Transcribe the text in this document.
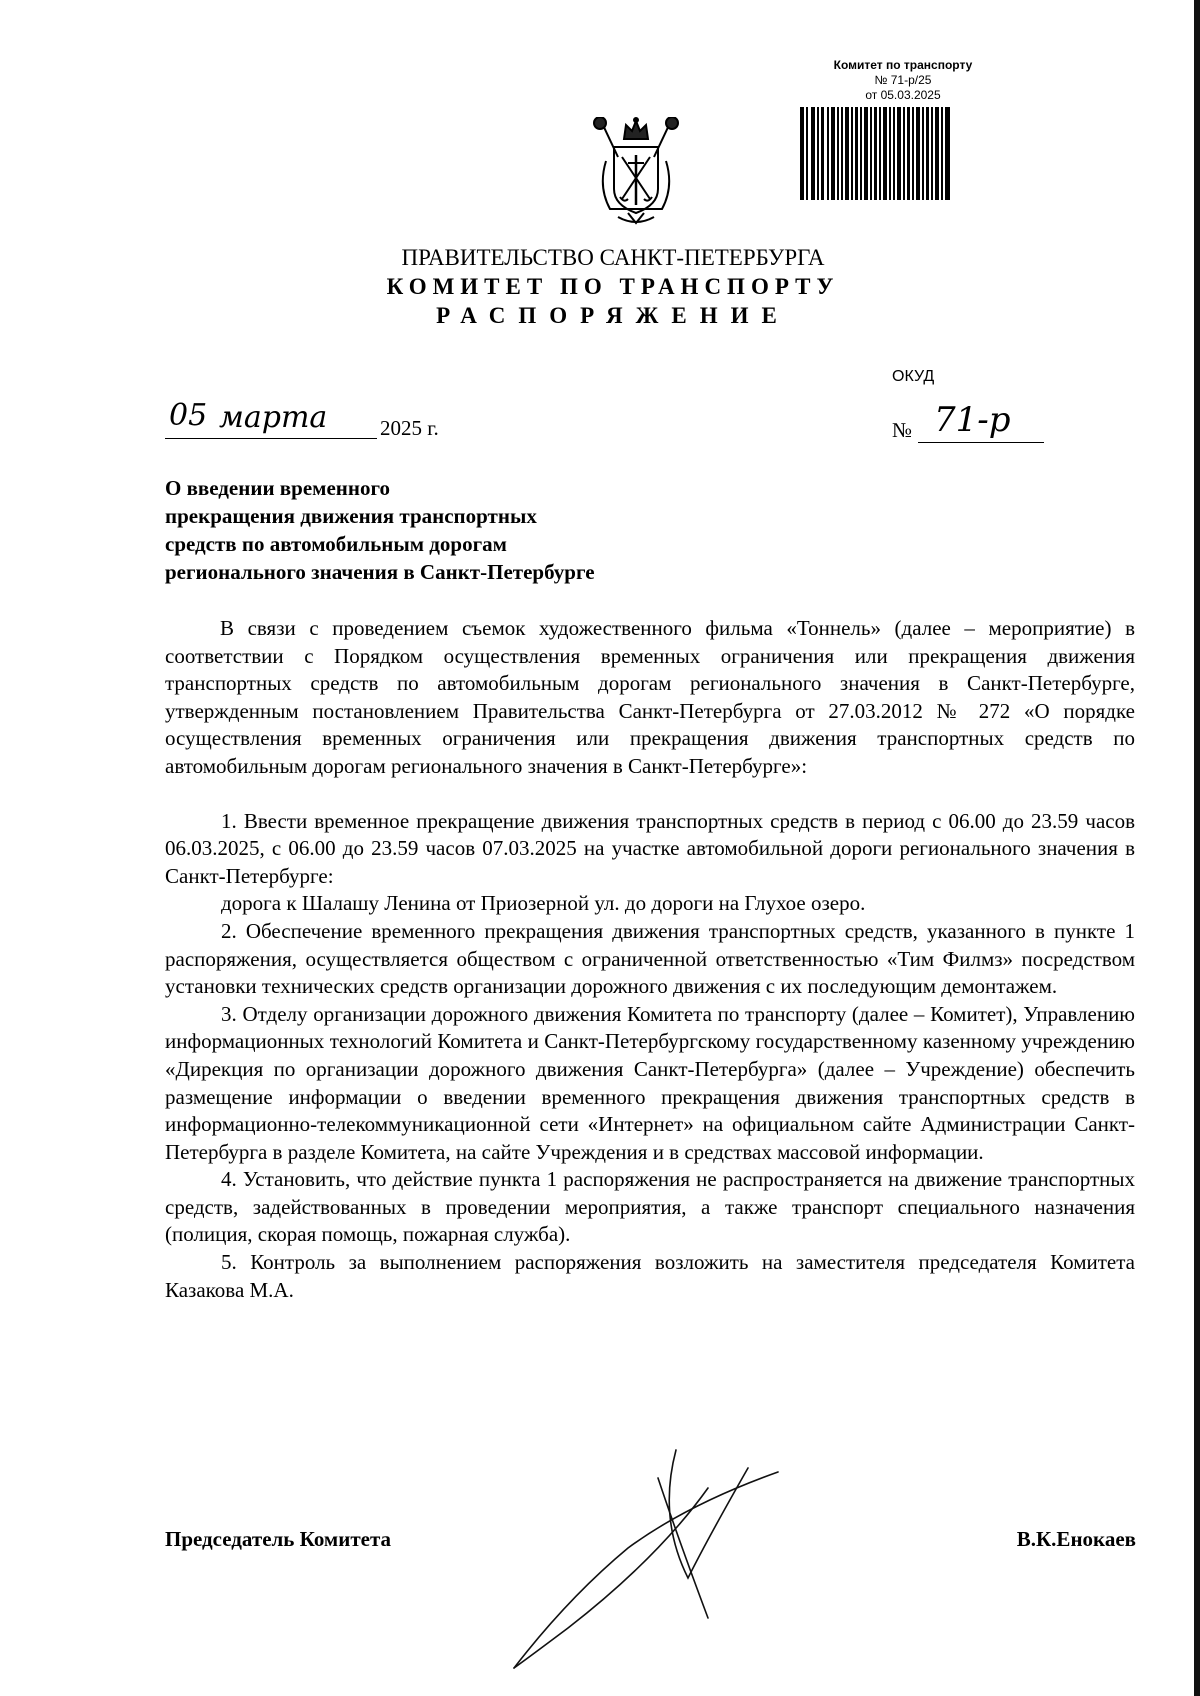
Комитет по транспорту
№ 71-р/25
от 05.03.2025
ПРАВИТЕЛЬСТВО САНКТ-ПЕТЕРБУРГА
КОМИТЕТ ПО ТРАНСПОРТУ
РАСПОРЯЖЕНИЕ
ОКУД
05 марта	2025 г.	№ 71-р
О введении временного
прекращения движения транспортных
средств по автомобильным дорогам
регионального значения в Санкт-Петербурге

В связи с проведением съемок художественного фильма «Тоннель» (далее – мероприятие) в соответствии с Порядком осуществления временных ограничения или прекращения движения транспортных средств по автомобильным дорогам регионального значения в Санкт-Петербурге, утвержденным постановлением Правительства Санкт-Петербурга от 27.03.2012 № 272 «О порядке осуществления временных ограничения или прекращения движения транспортных средств по автомобильным дорогам регионального значения в Санкт-Петербурге»:

1. Ввести временное прекращение движения транспортных средств в период с 06.00 до 23.59 часов 06.03.2025, с 06.00 до 23.59 часов 07.03.2025 на участке автомобильной дороги регионального значения в Санкт-Петербурге:

дорога к Шалашу Ленина от Приозерной ул. до дороги на Глухое озеро.

2. Обеспечение временного прекращения движения транспортных средств, указанного в пункте 1 распоряжения, осуществляется обществом с ограниченной ответственностью «Тим Филмз» посредством установки технических средств организации дорожного движения с их последующим демонтажем.

3. Отделу организации дорожного движения Комитета по транспорту (далее – Комитет), Управлению информационных технологий Комитета и Санкт-Петербургскому государственному казенному учреждению «Дирекция по организации дорожного движения Санкт-Петербурга» (далее – Учреждение) обеспечить размещение информации о введении временного прекращения движения транспортных средств в информационно-телекоммуникационной сети «Интернет» на официальном сайте Администрации Санкт-Петербурга в разделе Комитета, на сайте Учреждения и в средствах массовой информации.

4. Установить, что действие пункта 1 распоряжения не распространяется на движение транспортных средств, задействованных в проведении мероприятия, а также транспорт специального назначения (полиция, скорая помощь, пожарная служба).

5. Контроль за выполнением распоряжения возложить на заместителя председателя Комитета Казакова М.А.

Председатель Комитета	В.К.Енокаев
